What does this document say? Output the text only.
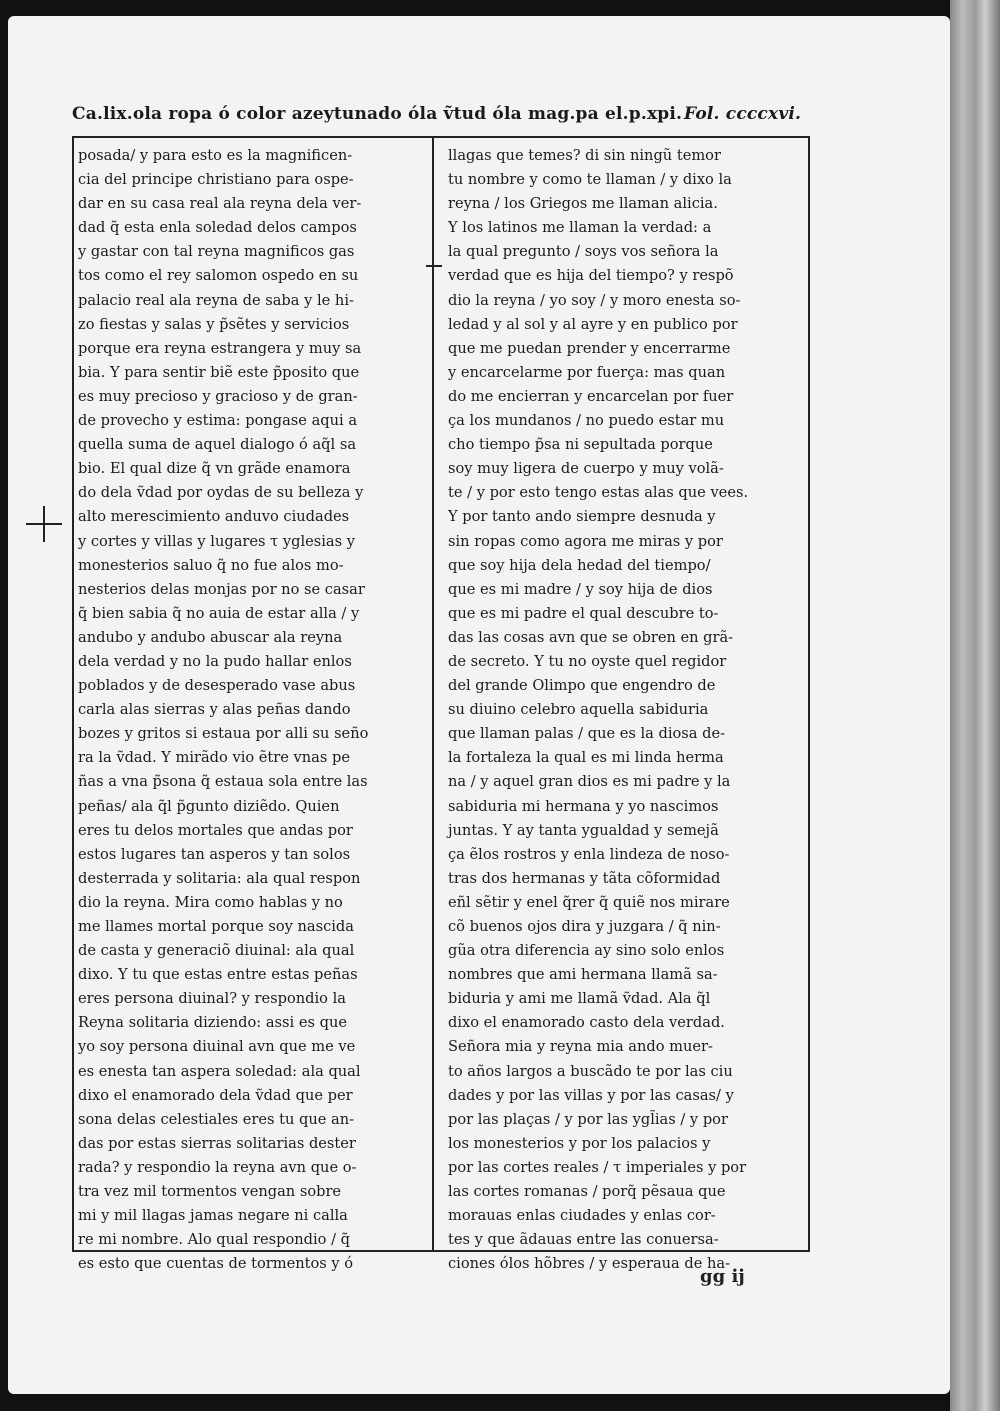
Ca.lix.ola ropa ó color azeytunado óla ṽtud óla mag.pa el.p.xpi. Fol. ccccxvi.
posada/ y para esto es la magnificen-
cia del principe christiano para ospe-
dar en su casa real ala reyna dela ver-
dad q̃ esta enla soledad delos campos
y gastar con tal reyna magnificos gas
tos como el rey salomon ospedo en su
palacio real ala reyna de saba y le hi-
zo fiestas y salas y p̃sẽtes y servicios
porque era reyna estrangera y muy sa
bia. Y para sentir biẽ este p̃posito que
es muy precioso y gracioso y de gran-
de provecho y estima: pongase aqui a
quella suma de aquel dialogo ó aq̃l sa
bio. El qual dize q̃ vn grãde enamora
do dela ṽdad por oydas de su belleza y
alto merescimiento anduvo ciudades
y cortes y villas y lugares τ yglesias y
monesterios saluo q̃ no fue alos mo-
nesterios delas monjas por no se casar
q̃ bien sabia q̃ no auia de estar alla / y
andubo y andubo abuscar ala reyna
dela verdad y no la pudo hallar enlos
poblados y de desesperado vase abus
carla alas sierras y alas peñas dando
bozes y gritos si estaua por alli su seño
ra la ṽdad. Y mirãdo vio ẽtre vnas pe
ñas a vna p̃sona q̃ estaua sola entre las
peñas/ ala q̃l p̃gunto diziẽdo. Quien
eres tu delos mortales que andas por
estos lugares tan asperos y tan solos
desterrada y solitaria: ala qual respon
dio la reyna. Mira como hablas y no
me llames mortal porque soy nascida
de casta y generaciõ diuinal: ala qual
dixo. Y tu que estas entre estas peñas
eres persona diuinal? y respondio la
Reyna solitaria diziendo: assi es que
yo soy persona diuinal avn que me ve
es enesta tan aspera soledad: ala qual
dixo el enamorado dela ṽdad que per
sona delas celestiales eres tu que an-
das por estas sierras solitarias dester
rada? y respondio la reyna avn que o-
tra vez mil tormentos vengan sobre
mi y mil llagas jamas negare ni calla
re mi nombre. Alo qual respondio / q̃
es esto que cuentas de tormentos y ó
llagas que temes? di sin ningũ temor
tu nombre y como te llaman / y dixo la
reyna / los Griegos me llaman alicia.
Y los latinos me llaman la verdad: a
la qual pregunto / soys vos señora la
verdad que es hija del tiempo? y respõ
dio la reyna / yo soy / y moro enesta so-
ledad y al sol y al ayre y en publico por
que me puedan prender y encerrarme
y encarcelarme por fuerça: mas quan
do me encierran y encarcelan por fuer
ça los mundanos / no puedo estar mu
cho tiempo p̃sa ni sepultada porque
soy muy ligera de cuerpo y muy volã-
te / y por esto tengo estas alas que vees.
Y por tanto ando siempre desnuda y
sin ropas como agora me miras y por
que soy hija dela hedad del tiempo/
que es mi madre / y soy hija de dios
que es mi padre el qual descubre to-
das las cosas avn que se obren en grã-
de secreto. Y tu no oyste quel regidor
del grande Olimpo que engendro de
su diuino celebro aquella sabiduria
que llaman palas / que es la diosa de-
la fortaleza la qual es mi linda herma
na / y aquel gran dios es mi padre y la
sabiduria mi hermana y yo nascimos
juntas. Y ay tanta ygualdad y semejã
ça ẽlos rostros y enla lindeza de noso-
tras dos hermanas y tãta cõformidad
eñl sẽtir y enel q̃rer q̃ quiẽ nos mirare
cõ buenos ojos dira y juzgara / q̃ nin-
gũa otra diferencia ay sino solo enlos
nombres que ami hermana llamã sa-
biduria y ami me llamã ṽdad. Ala q̃l
dixo el enamorado casto dela verdad.
Señora mia y reyna mia ando muer-
to años largos a buscãdo te por las ciu
dades y por las villas y por las casas/ y
por las plaças / y por las ygl̃ias / y por
los monesterios y por los palacios y
por las cortes reales / τ imperiales y por
las cortes romanas / porq̃ pẽsaua que
morauas enlas ciudades y enlas cor-
tes y que ãdauas entre las conuersa-
ciones ólos hõbres / y esperaua de ha-
gg ij
